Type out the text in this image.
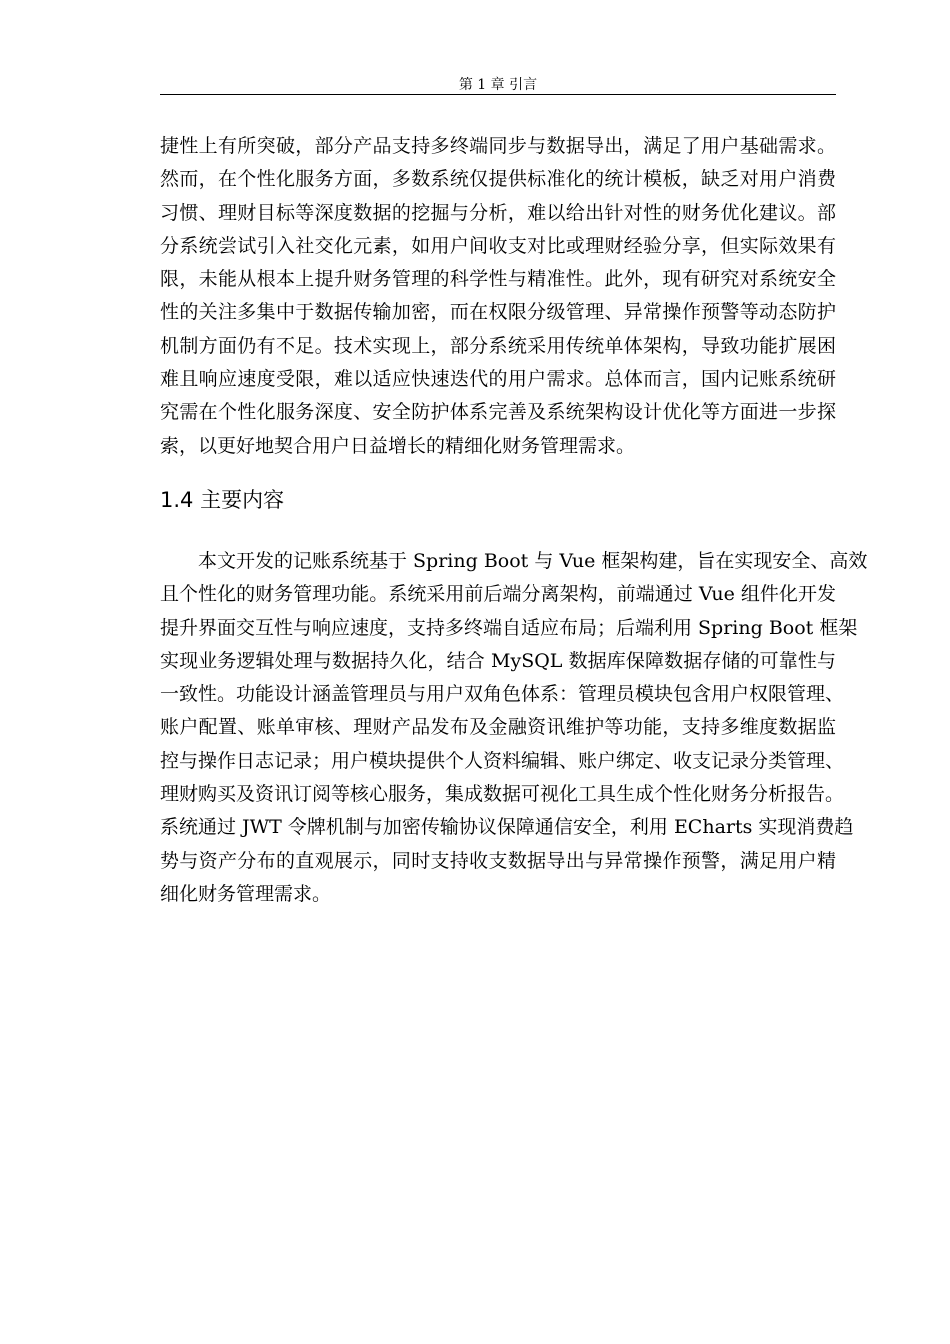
第 1 章 引言
捷性上有所突破，部分产品支持多终端同步与数据导出，满足了用户基础需求。
然而，在个性化服务方面，多数系统仅提供标准化的统计模板，缺乏对用户消费
习惯、理财目标等深度数据的挖掘与分析，难以给出针对性的财务优化建议。部
分系统尝试引入社交化元素，如用户间收支对比或理财经验分享，但实际效果有
限，未能从根本上提升财务管理的科学性与精准性。此外，现有研究对系统安全
性的关注多集中于数据传输加密，而在权限分级管理、异常操作预警等动态防护
机制方面仍有不足。技术实现上，部分系统采用传统单体架构，导致功能扩展困
难且响应速度受限，难以适应快速迭代的用户需求。总体而言，国内记账系统研
究需在个性化服务深度、安全防护体系完善及系统架构设计优化等方面进一步探
索，以更好地契合用户日益增长的精细化财务管理需求。
1.4 主要内容
本文开发的记账系统基于 Spring Boot 与 Vue 框架构建，旨在实现安全、高效
且个性化的财务管理功能。系统采用前后端分离架构，前端通过 Vue 组件化开发
提升界面交互性与响应速度，支持多终端自适应布局；后端利用 Spring Boot 框架
实现业务逻辑处理与数据持久化，结合 MySQL 数据库保障数据存储的可靠性与
一致性。功能设计涵盖管理员与用户双角色体系：管理员模块包含用户权限管理、
账户配置、账单审核、理财产品发布及金融资讯维护等功能，支持多维度数据监
控与操作日志记录；用户模块提供个人资料编辑、账户绑定、收支记录分类管理、
理财购买及资讯订阅等核心服务，集成数据可视化工具生成个性化财务分析报告。
系统通过 JWT 令牌机制与加密传输协议保障通信安全，利用 ECharts 实现消费趋
势与资产分布的直观展示，同时支持收支数据导出与异常操作预警，满足用户精
细化财务管理需求。
